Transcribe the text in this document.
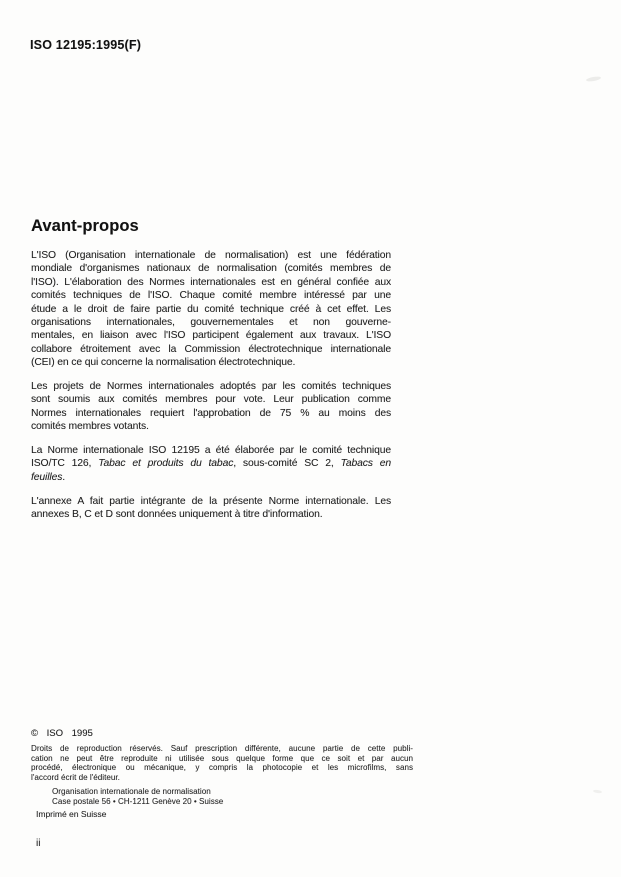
ISO 12195:1995(F)
Avant-propos
L'ISO (Organisation internationale de normalisation) est une fédération
mondiale d'organismes nationaux de normalisation (comités membres de
l'ISO). L'élaboration des Normes internationales est en général confiée aux
comités techniques de l'ISO. Chaque comité membre intéressé par une
étude a le droit de faire partie du comité technique créé à cet effet. Les
organisations internationales, gouvernementales et non gouverne-
mentales, en liaison avec l'ISO participent également aux travaux. L'ISO
collabore étroitement avec la Commission électrotechnique internationale
(CEI) en ce qui concerne la normalisation électrotechnique.
Les projets de Normes internationales adoptés par les comités techniques
sont soumis aux comités membres pour vote. Leur publication comme
Normes internationales requiert l'approbation de 75 % au moins des
comités membres votants.
La Norme internationale ISO 12195 a été élaborée par le comité technique
ISO/TC 126, Tabac et produits du tabac, sous-comité SC 2, Tabacs en
feuilles.
L'annexe A fait partie intégrante de la présente Norme internationale. Les
annexes B, C et D sont données uniquement à titre d'information.
© ISO 1995
Droits de reproduction réservés. Sauf prescription différente, aucune partie de cette publi-
cation ne peut être reproduite ni utilisée sous quelque forme que ce soit et par aucun
procédé, électronique ou mécanique, y compris la photocopie et les microfilms, sans
l'accord écrit de l'éditeur.
Organisation internationale de normalisation
Case postale 56 • CH-1211 Genève 20 • Suisse
Imprimé en Suisse
ii
